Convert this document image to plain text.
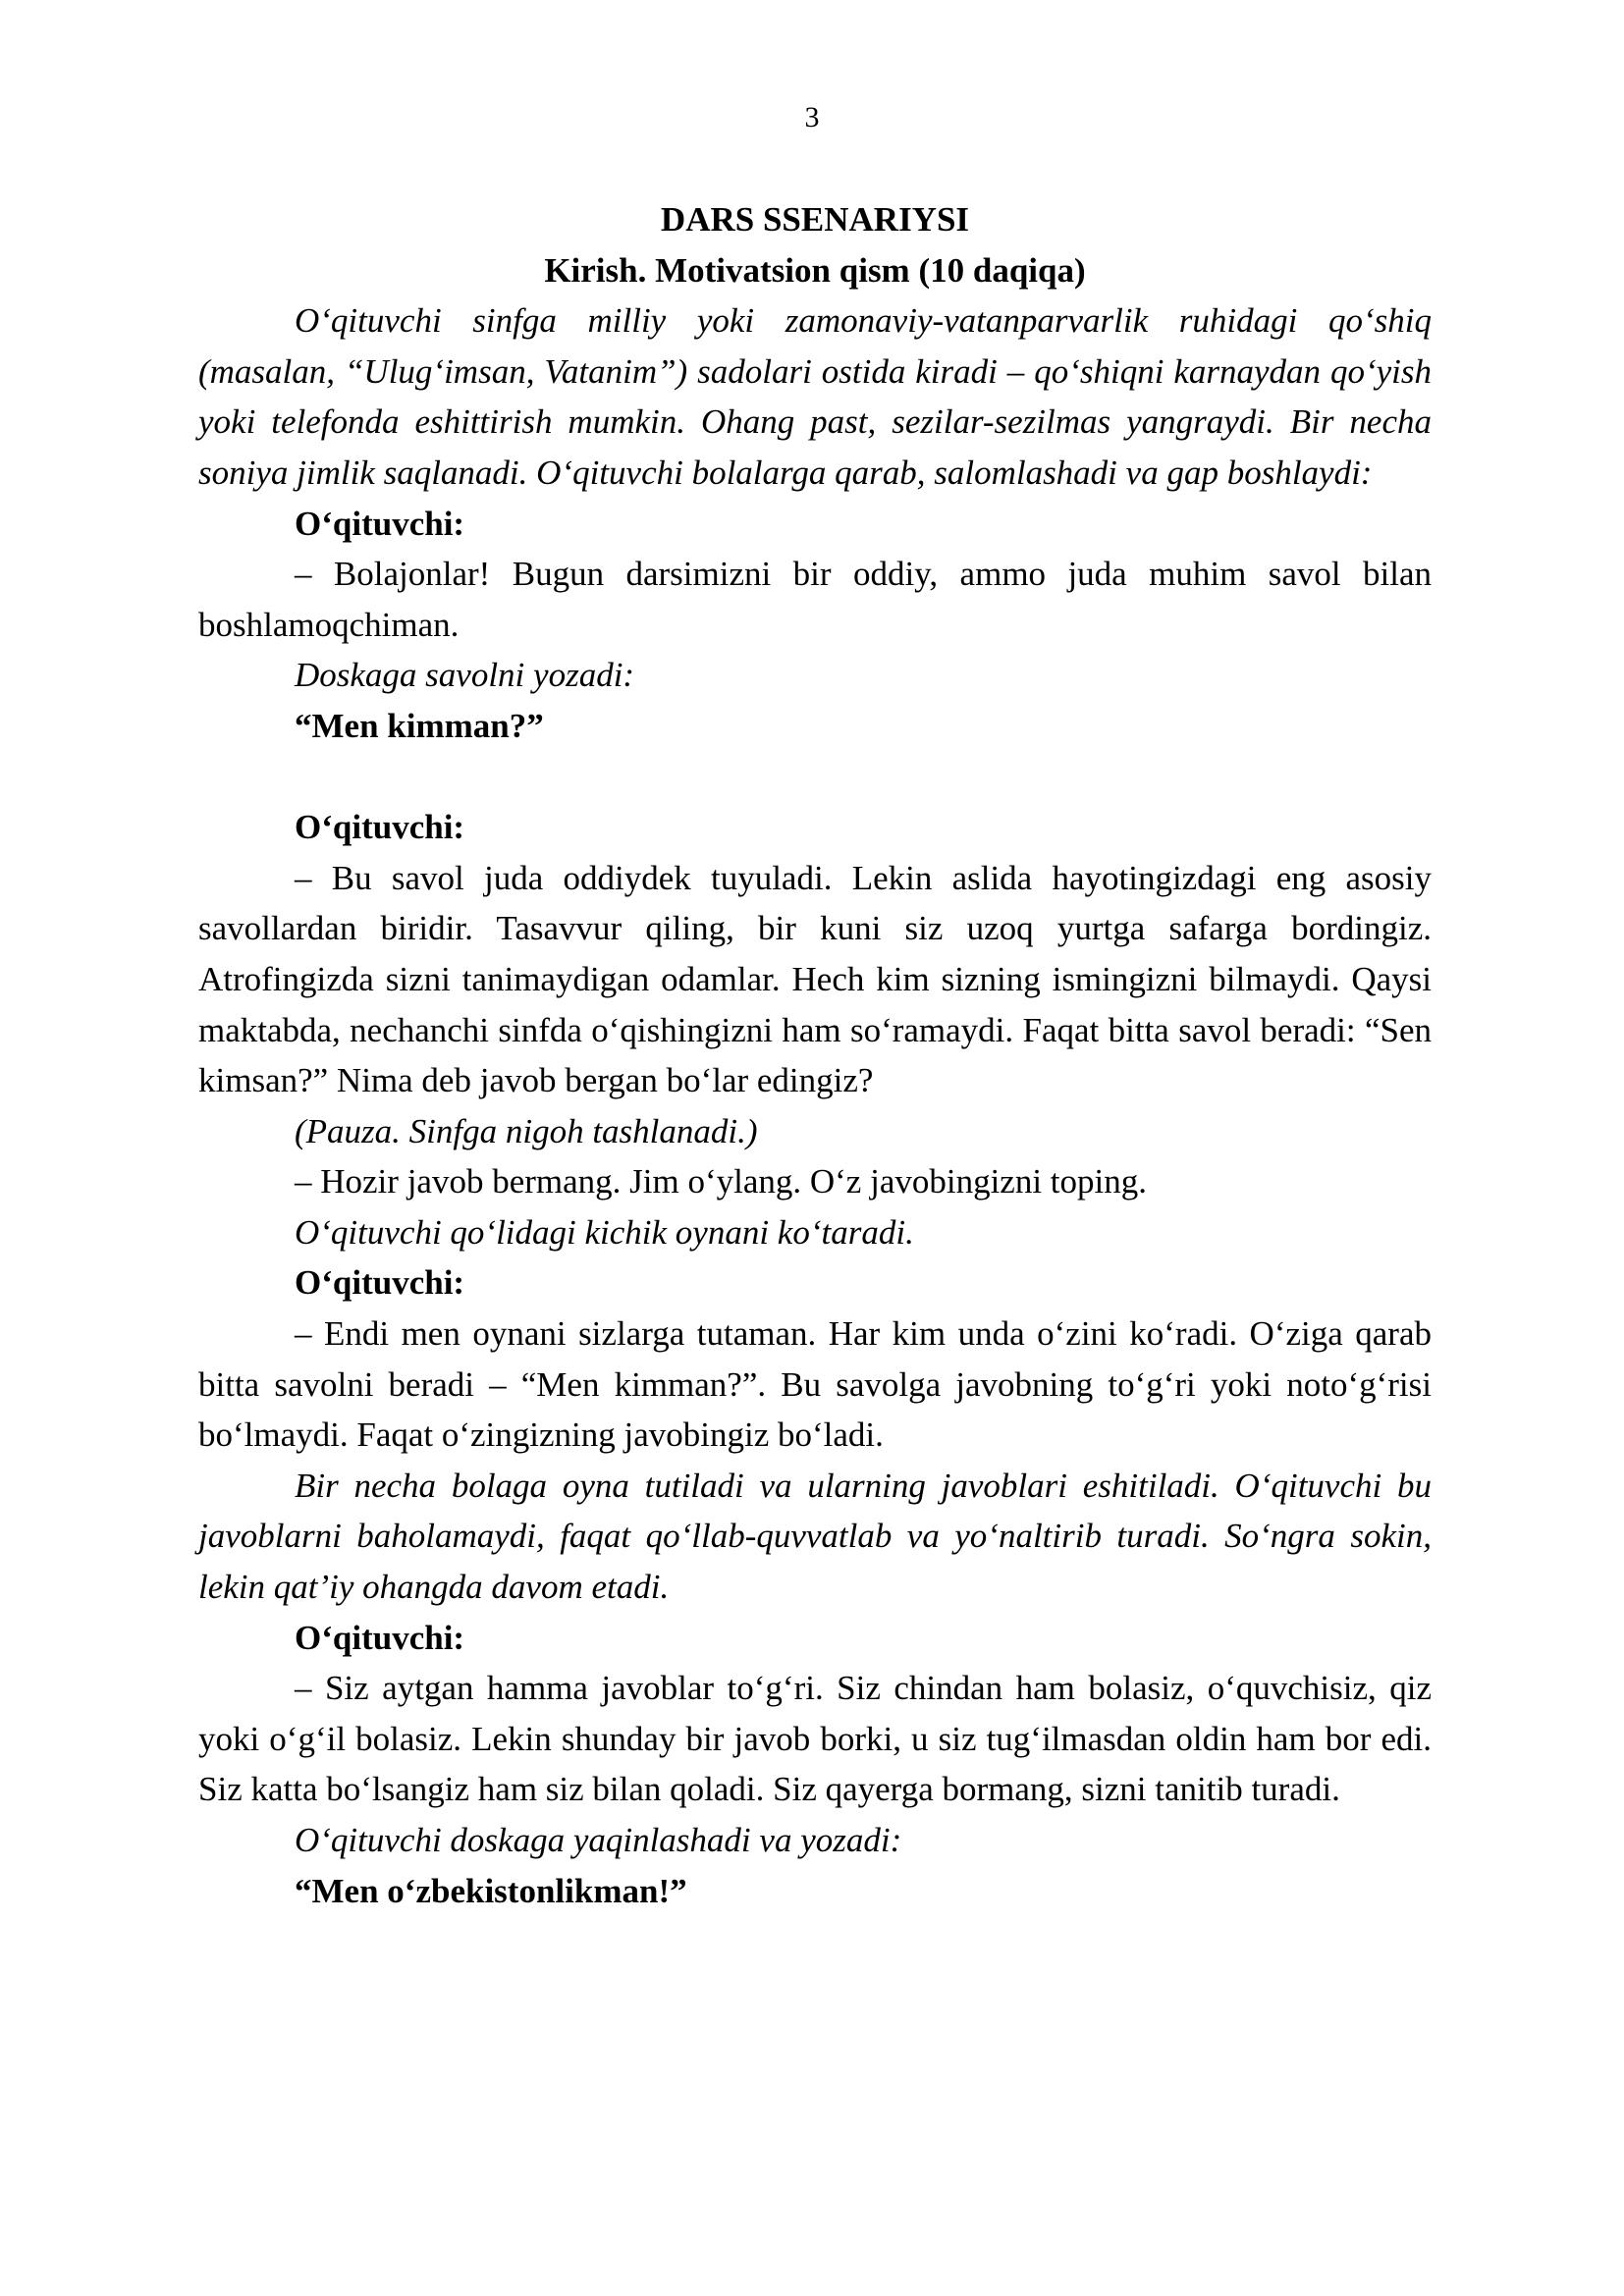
3

DARS SSENARIYSI

Kirish. Motivatsion qism (10 daqiqa)

O‘qituvchi sinfga milliy yoki zamonaviy-vatanparvarlik ruhidagi qo‘shiq (masalan, “Ulug‘imsan, Vatanim”) sadolari ostida kiradi – qo‘shiqni karnaydan qo‘yish yoki telefonda eshittirish mumkin. Ohang past, sezilar-sezilmas yangraydi. Bir necha soniya jimlik saqlanadi. O‘qituvchi bolalarga qarab, salomlashadi va gap boshlaydi:

O‘qituvchi:

– Bolajonlar! Bugun darsimizni bir oddiy, ammo juda muhim savol bilan boshlamoqchiman.

Doskaga savolni yozadi:

“Men kimman?”

O‘qituvchi:

– Bu savol juda oddiydek tuyuladi. Lekin aslida hayotingizdagi eng asosiy savollardan biridir. Tasavvur qiling, bir kuni siz uzoq yurtga safarga bordingiz. Atrofingizda sizni tanimaydigan odamlar. Hech kim sizning ismingizni bilmaydi. Qaysi maktabda, nechanchi sinfda o‘qishingizni ham so‘ramaydi. Faqat bitta savol beradi: “Sen kimsan?” Nima deb javob bergan bo‘lar edingiz?

(Pauza. Sinfga nigoh tashlanadi.)

– Hozir javob bermang. Jim o‘ylang. O‘z javobingizni toping.

O‘qituvchi qo‘lidagi kichik oynani ko‘taradi.

O‘qituvchi:

– Endi men oynani sizlarga tutaman. Har kim unda o‘zini ko‘radi. O‘ziga qarab bitta savolni beradi – “Men kimman?”. Bu savolga javobning to‘g‘ri yoki noto‘g‘risi bo‘lmaydi. Faqat o‘zingizning javobingiz bo‘ladi.

Bir necha bolaga oyna tutiladi va ularning javoblari eshitiladi. O‘qituvchi bu javoblarni baholamaydi, faqat qo‘llab-quvvatlab va yo‘naltirib turadi. So‘ngra sokin, lekin qat’iy ohangda davom etadi.

O‘qituvchi:

– Siz aytgan hamma javoblar to‘g‘ri. Siz chindan ham bolasiz, o‘quvchisiz, qiz yoki o‘g‘il bolasiz. Lekin shunday bir javob borki, u siz tug‘ilmasdan oldin ham bor edi. Siz katta bo‘lsangiz ham siz bilan qoladi. Siz qayerga bormang, sizni tanitib turadi.

O‘qituvchi doskaga yaqinlashadi va yozadi:

“Men o‘zbekistonlikman!”
